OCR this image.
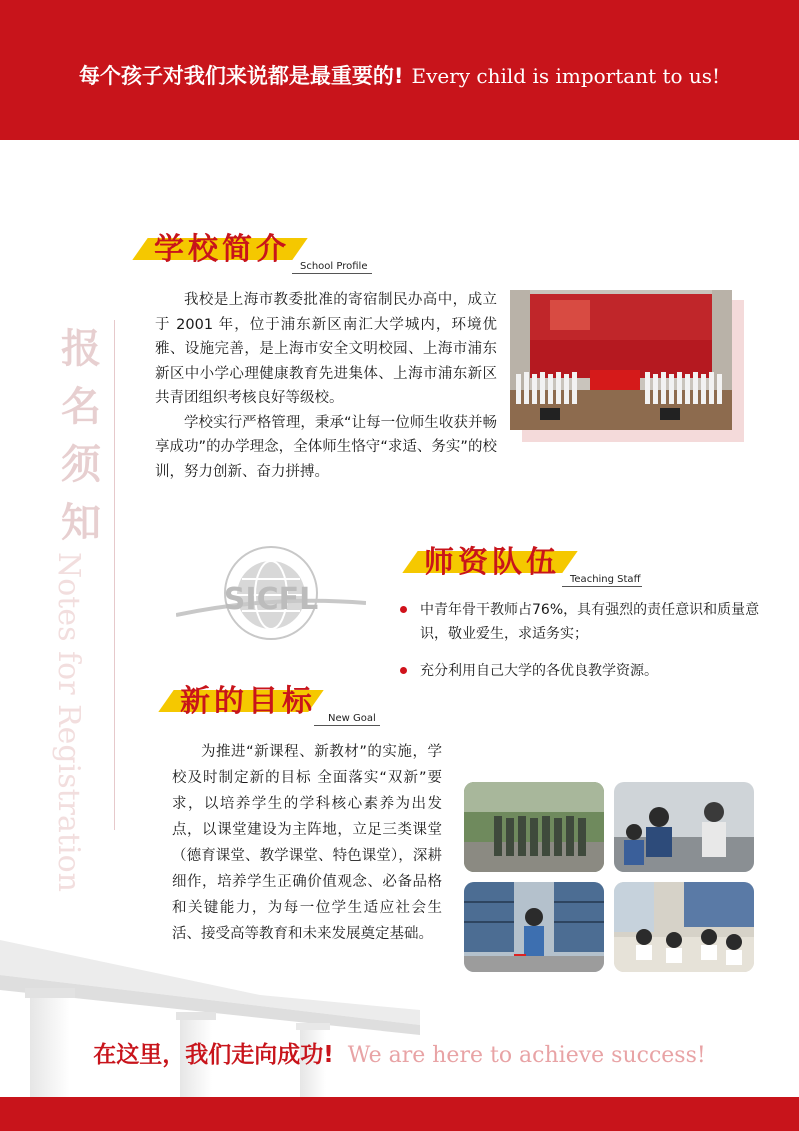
每个孩子对我们来说都是最重要的! Every child is important to us!
报名须知
Notes for Registration
学校简介 School Profile

我校是上海市教委批准的寄宿制民办高中，成立于 2001 年，位于浦东新区南汇大学城内，环境优雅、设施完善，是上海市安全文明校园、上海市浦东新区中小学心理健康教育先进集体、上海市浦东新区共青团组织考核良好等级校。

学校实行严格管理，秉承“让每一位师生收获并畅享成功”的办学理念，全体师生恪守“求适、务实”的校训，努力创新、奋力拼搏。

SICFL
师资队伍 Teaching Staff
中青年骨干教师占76%，具有强烈的责任意识和质量意识，敬业爱生，求适务实；
充分利用自己大学的各优良教学资源。
新的目标 New Goal

为推进“新课程、新教材”的实施，学校及时制定新的目标 全面落实“双新”要求，以培养学生的学科核心素养为出发点，以课堂建设为主阵地，立足三类课堂（德育课堂、教学课堂、特色课堂），深耕细作，培养学生正确价值观念、必备品格和关键能力，为每一位学生适应社会生活、接受高等教育和未来发展奠定基础。

在这里，我们走向成功! We are here to achieve success!
